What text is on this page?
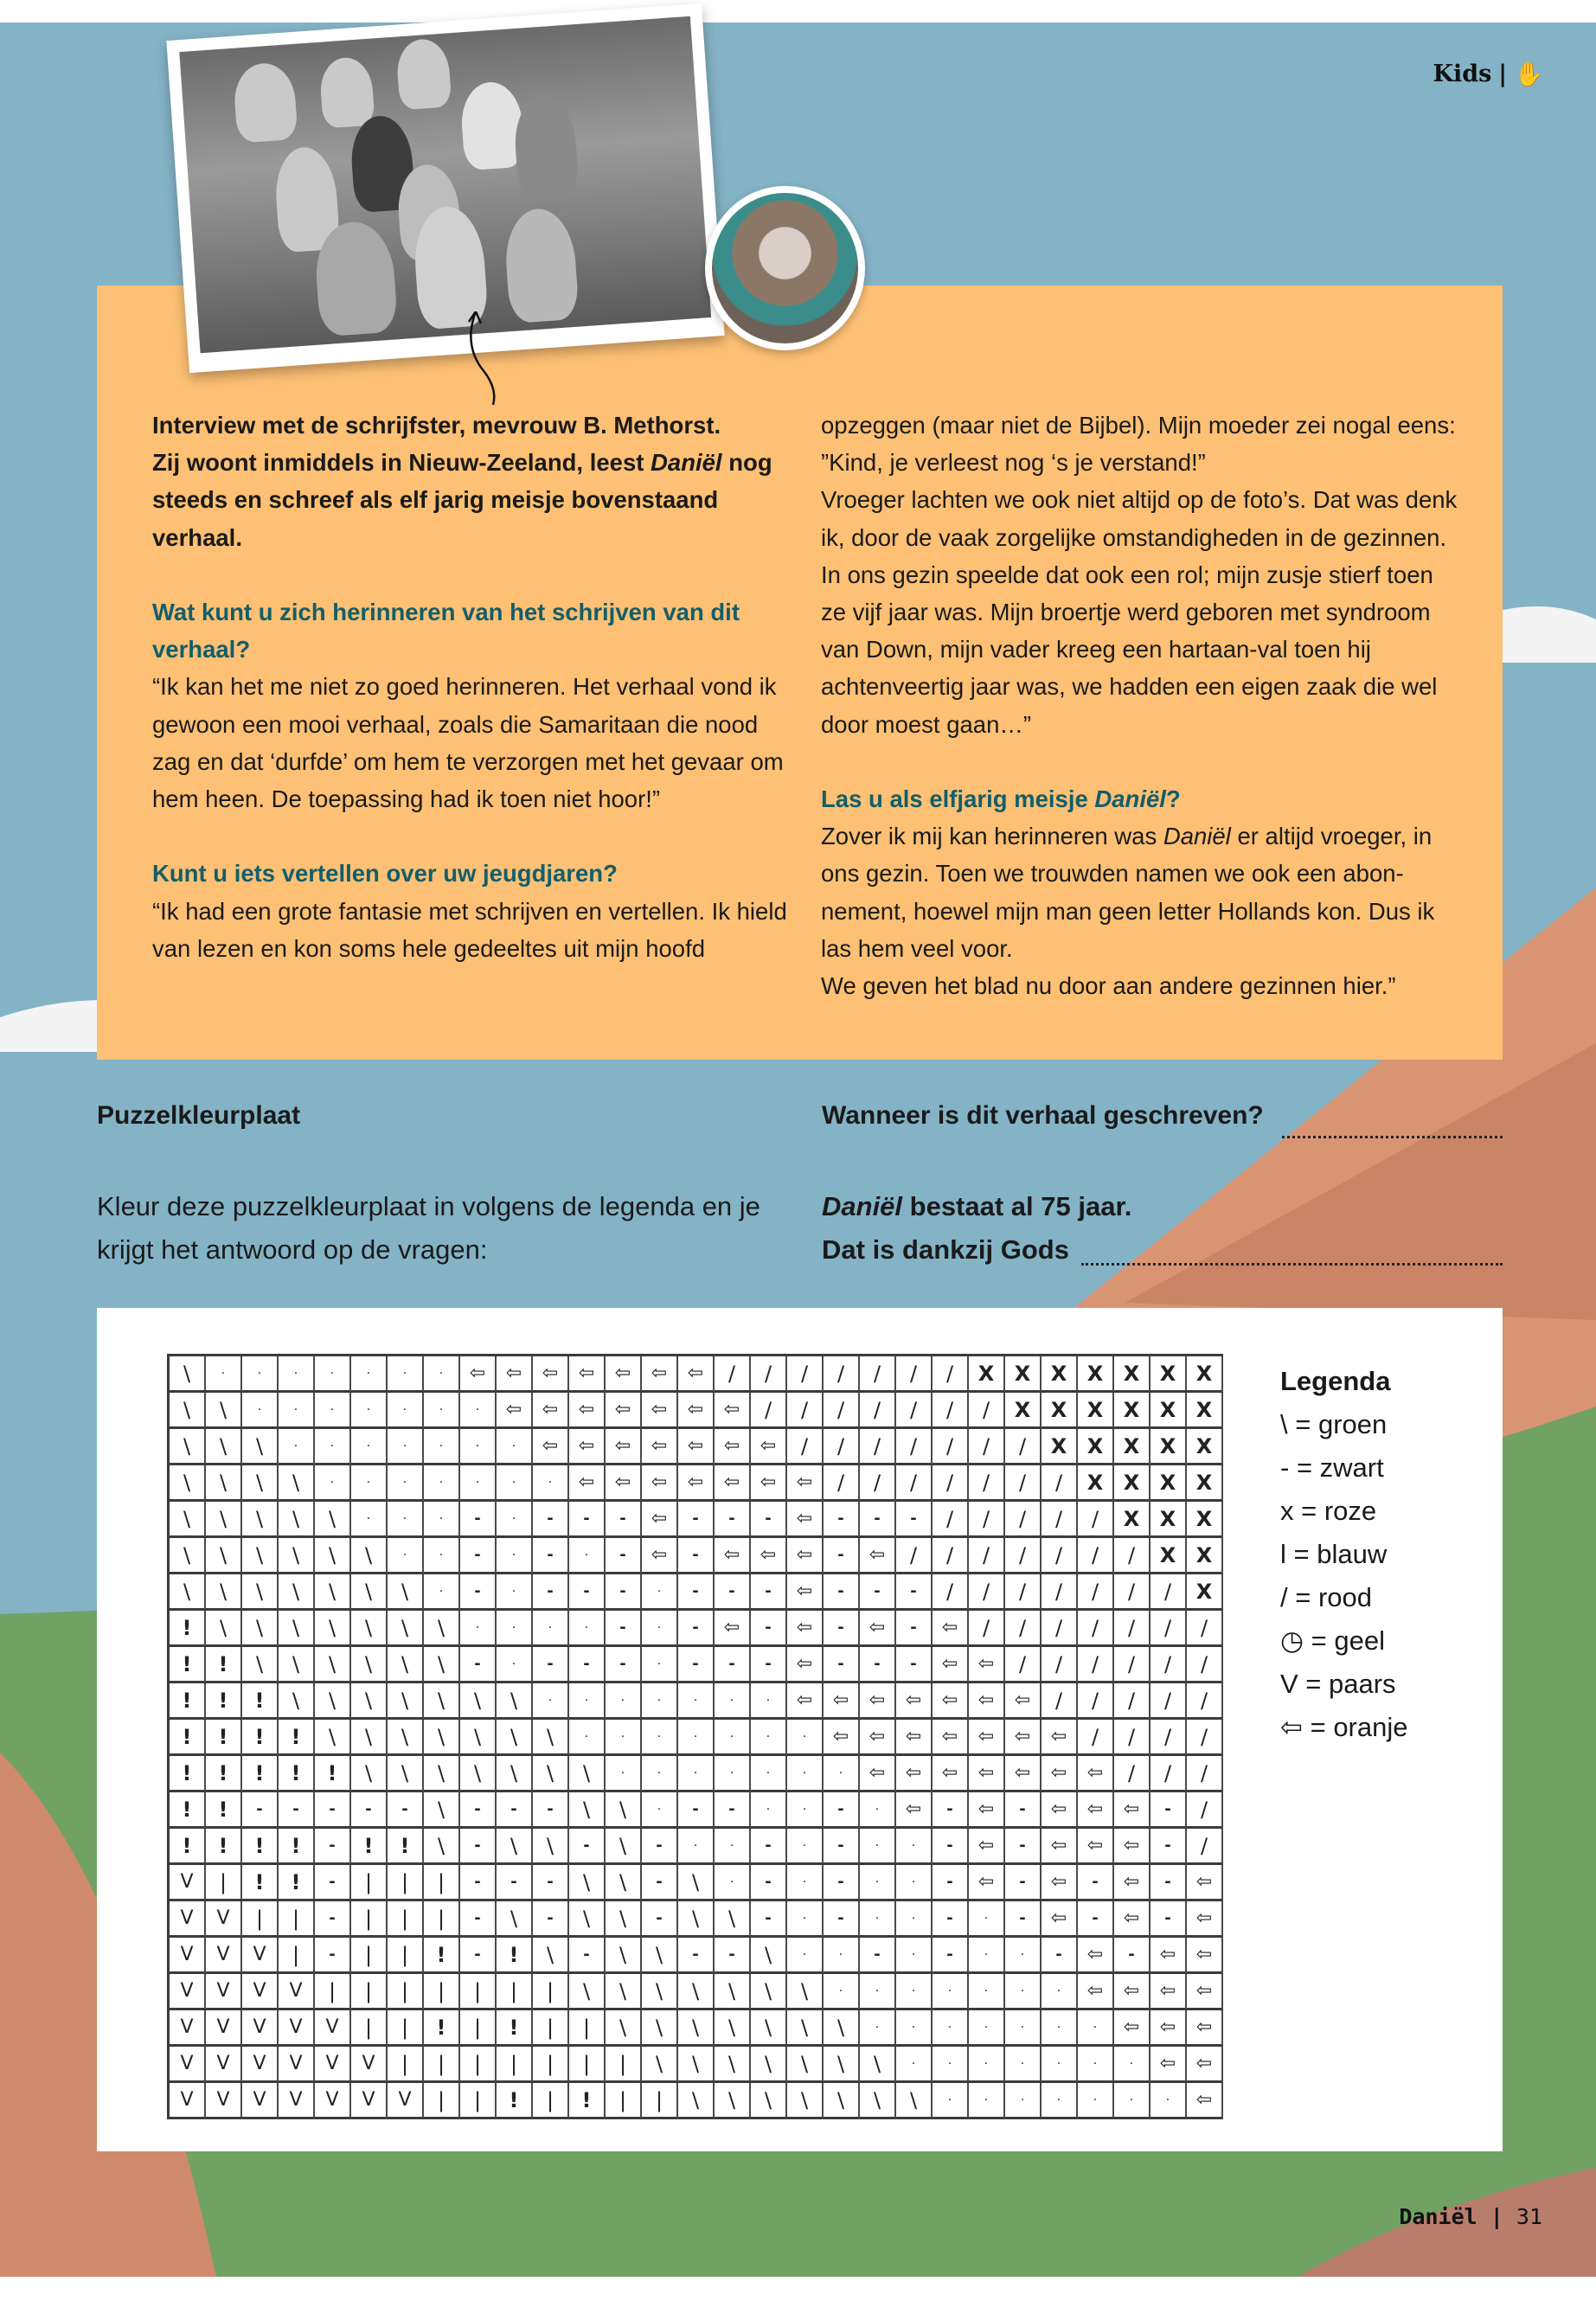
Kids | ✋

Interview met de schrijfster, mevrouw B. Methorst.
Zij woont inmiddels in Nieuw-Zeeland, leest Daniël nog steeds en schreef als elf jarig meisje bovenstaand verhaal.

Wat kunt u zich herinneren van het schrijven van dit verhaal?

“Ik kan het me niet zo goed herinneren. Het verhaal vond ik gewoon een mooi verhaal, zoals die Samaritaan die nood zag en dat ‘durfde’ om hem te verzorgen met het gevaar om hem heen. De toepassing had ik toen niet hoor!”

Kunt u iets vertellen over uw jeugdjaren?

“Ik had een grote fantasie met schrijven en vertellen. Ik hield van lezen en kon soms hele gedeeltes uit mijn hoofd

opzeggen (maar niet de Bijbel). Mijn moeder zei nogal eens: ”Kind, je verleest nog ‘s je verstand!”

Vroeger lachten we ook niet altijd op de foto’s. Dat was denk ik, door de vaak zorgelijke omstandigheden in de gezinnen. In ons gezin speelde dat ook een rol; mijn zusje stierf toen ze vijf jaar was. Mijn broertje werd geboren met syndroom van Down, mijn vader kreeg een hartaan-val toen hij achtenveertig jaar was, we hadden een eigen zaak die wel door moest gaan…”

Las u als elfjarig meisje Daniël?

Zover ik mij kan herinneren was Daniël er altijd vroeger, in ons gezin. Toen we trouwden namen we ook een abon-nement, hoewel mijn man geen letter Hollands kon. Dus ik las hem veel voor.

We geven het blad nu door aan andere gezinnen hier.”

Puzzelkleurplaat	Wanneer is dit verhaal geschreven?
Kleur deze puzzelkleurplaat in volgens de legenda en je krijgt het antwoord op de vragen:
Daniël bestaat al 75 jaar.
Dat is dankzij Gods
\	·	·	·	·	·	·	·	⇦	⇦	⇦	⇦	⇦	⇦	⇦	/	/	/	/	/	/	/	X X X X X X X
\	\	·	·	·	·	·	·	·	⇦	⇦	⇦	⇦	⇦	⇦	⇦	/	/	/	/	/	/	/	X X X X X X
\	\	\	·	·	·	·	·	·	·	⇦	⇦	⇦	⇦	⇦	⇦	⇦	/	/	/	/	/	/	/	X X X X X
\	\	\	\	·	·	·	·	·	·	·	⇦	⇦	⇦	⇦	⇦	⇦	⇦	/	/	/	/	/	/	/	X X X X
\	\	\	\	\	·	·	·	-	·	-	-	-	⇦	-	-	-	⇦	-	-	-	/	/	/	/	/	X X X
\	\	\	\	\	\	·	·	-	·	-	·	-	⇦	-	⇦	⇦	⇦	-	⇦	/	/	/	/	/	/	/	X X
\	\	\	\	\	\	\	·	-	·	-	-	-	·	-	-	-	⇦	-	-	-	/	/	/	/	/	/	/	X
!	\	\	\	\	\	\	\	·	·	·	·	-	·	-	⇦	-	⇦	-	⇦	-	⇦	/	/	/	/	/	/	/
!	!	\	\	\	\	\	\	-	·	-	-	-	·	-	-	-	⇦	-	-	-	⇦	⇦	/	/	/	/	/	/
!	!	!	\	\	\	\	\	\	\	·	·	·	·	·	·	·	⇦	⇦	⇦	⇦	⇦	⇦	⇦	/	/	/	/	/
!	!	!	!	\	\	\	\	\	\	\	·	·	·	·	·	·	·	⇦	⇦	⇦	⇦	⇦	⇦	⇦	/	/	/	/
!	!	!	!	!	\	\	\	\	\	\	\	·	·	·	·	·	·	·	⇦	⇦	⇦	⇦	⇦	⇦	⇦	/	/	/
!	!	-	-	-	-	-	\	-	-	-	\	\	·	-	-	·	·	-	·	⇦	-	⇦	-	⇦	⇦	⇦	-	/
!	!	!	!	-	!	!	\	-	\	\	-	\	-	·	·	-	·	-	·	·	-	⇦	-	⇦	⇦	⇦	-	/
V	|	!	!	-	|	|	|	-	-	-	\	\	-	\	·	-	·	-	·	·	-	⇦	-	⇦	-	⇦	-	⇦
V	V	|	|	-	|	|	|	-	\	-	\	\	-	\	\	-	·	-	·	·	-	·	-	⇦	-	⇦	-	⇦
V	V	V	|	-	|	|	!	-	!	\	-	\	\	-	-	\	·	·	-	·	-	·	·	-	⇦	-	⇦	⇦
V	V	V	V	|	|	|	|	|	|	|	\	\	\	\	\	\	\	·	·	·	·	·	·	·	⇦	⇦	⇦	⇦
V	V	V	V	V	|	|	!	|	!	|	|	\	\	\	\	\	\	\	·	·	·	·	·	·	·	⇦	⇦	⇦
V	V	V	V	V	V	|	|	|	|	|	|	|	\	\	\	\	\	\	\	·	·	·	·	·	·	·	⇦	⇦
V	V	V	V	V	V	V	|	|	!	|	!	|	|	\	\	\	\	\	\	\	·	·	·	·	·	·	·	⇦
Legenda
\ = groen
- = zwart
x = roze
l = blauw
/ = rood
◷ = geel
V = paars
⇦ = oranje
Daniël | 31
